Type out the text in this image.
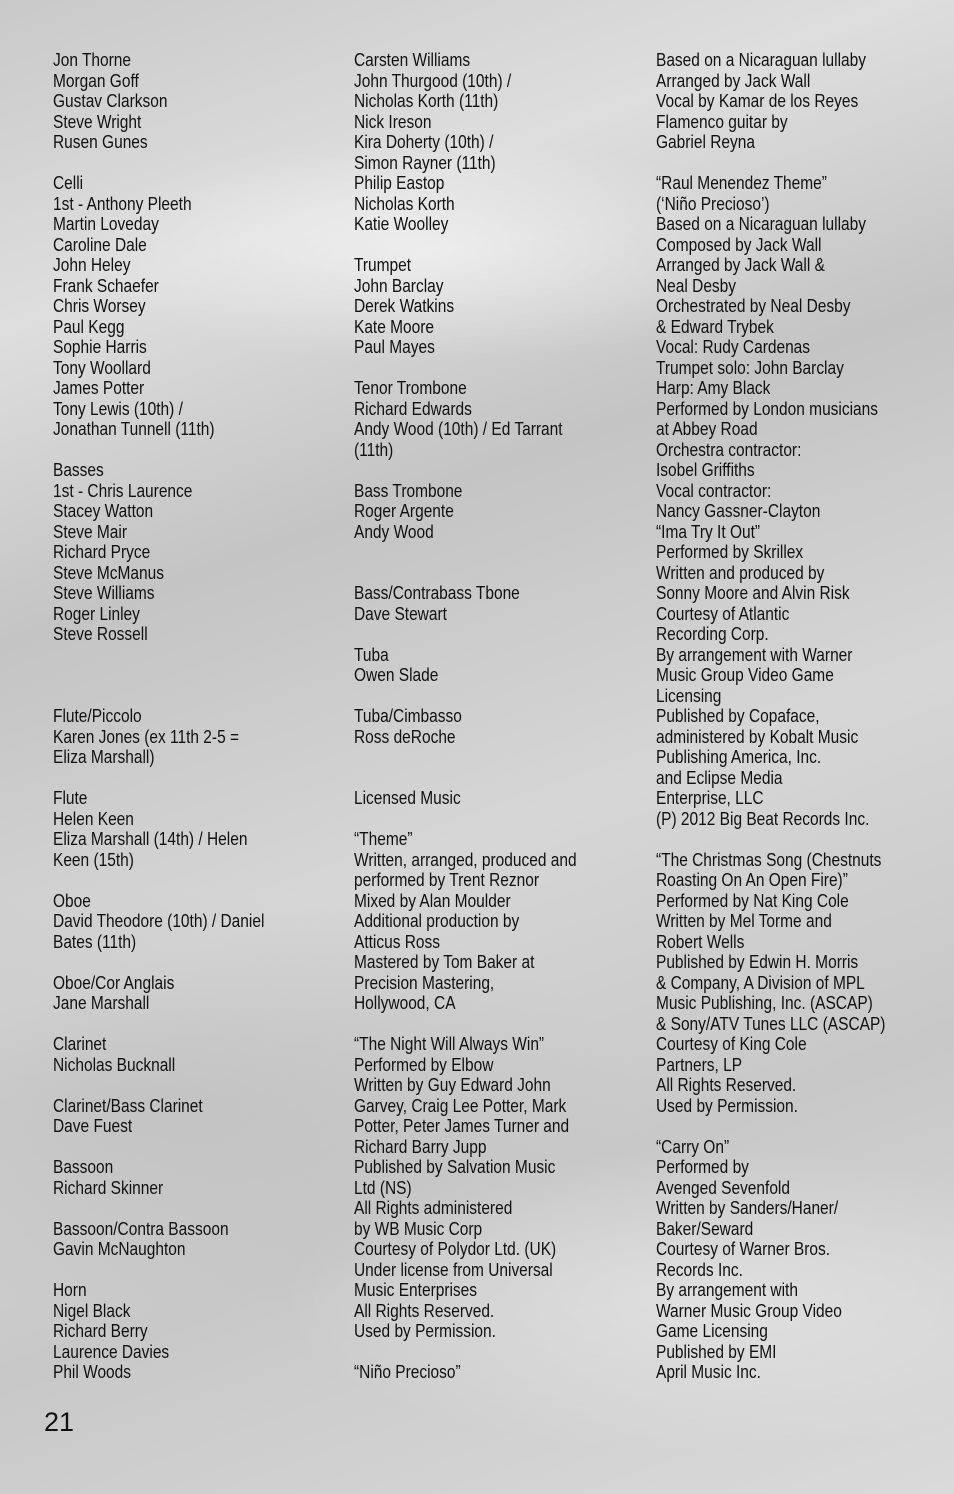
Jon Thorne
Morgan Goff
Gustav Clarkson
Steve Wright
Rusen Gunes
Celli
1st - Anthony Pleeth
Martin Loveday
Caroline Dale
John Heley
Frank Schaefer
Chris Worsey
Paul Kegg
Sophie Harris
Tony Woollard
James Potter
Tony Lewis (10th) /
Jonathan Tunnell (11th)
Basses
1st - Chris Laurence
Stacey Watton
Steve Mair
Richard Pryce
Steve McManus
Steve Williams
Roger Linley
Steve Rossell
Flute/Piccolo
Karen Jones (ex 11th 2-5 =
Eliza Marshall)
Flute
Helen Keen
Eliza Marshall (14th) / Helen
Keen (15th)
Oboe
David Theodore (10th) / Daniel
Bates (11th)
Oboe/Cor Anglais
Jane Marshall
Clarinet
Nicholas Bucknall
Clarinet/Bass Clarinet
Dave Fuest
Bassoon
Richard Skinner
Bassoon/Contra Bassoon
Gavin McNaughton
Horn
Nigel Black
Richard Berry
Laurence Davies
Phil Woods
Carsten Williams
John Thurgood (10th) /
Nicholas Korth (11th)
Nick Ireson
Kira Doherty (10th) /
Simon Rayner (11th)
Philip Eastop
Nicholas Korth
Katie Woolley
Trumpet
John Barclay
Derek Watkins
Kate Moore
Paul Mayes
Tenor Trombone
Richard Edwards
Andy Wood (10th) / Ed Tarrant
(11th)
Bass Trombone
Roger Argente
Andy Wood
Bass/Contrabass Tbone
Dave Stewart
Tuba
Owen Slade
Tuba/Cimbasso
Ross deRoche
Licensed Music
“Theme”
Written, arranged, produced and
performed by Trent Reznor
Mixed by Alan Moulder
Additional production by
Atticus Ross
Mastered by Tom Baker at
Precision Mastering,
Hollywood, CA
“The Night Will Always Win”
Performed by Elbow
Written by Guy Edward John
Garvey, Craig Lee Potter, Mark
Potter, Peter James Turner and
Richard Barry Jupp
Published by Salvation Music
Ltd (NS)
All Rights administered
by WB Music Corp
Courtesy of Polydor Ltd. (UK)
Under license from Universal
Music Enterprises
All Rights Reserved.
Used by Permission.
“Niño Precioso”
Based on a Nicaraguan lullaby
Arranged by Jack Wall
Vocal by Kamar de los Reyes
Flamenco guitar by
Gabriel Reyna
“Raul Menendez Theme”
(‘Niño Precioso’)
Based on a Nicaraguan lullaby
Composed by Jack Wall
Arranged by Jack Wall &
Neal Desby
Orchestrated by Neal Desby
& Edward Trybek
Vocal: Rudy Cardenas
Trumpet solo: John Barclay
Harp: Amy Black
Performed by London musicians
at Abbey Road
Orchestra contractor:
Isobel Griffiths
Vocal contractor:
Nancy Gassner-Clayton
“Ima Try It Out”
Performed by Skrillex
Written and produced by
Sonny Moore and Alvin Risk
Courtesy of Atlantic
Recording Corp.
By arrangement with Warner
Music Group Video Game
Licensing
Published by Copaface,
administered by Kobalt Music
Publishing America, Inc.
and Eclipse Media
Enterprise, LLC
(P) 2012 Big Beat Records Inc.
“The Christmas Song (Chestnuts
Roasting On An Open Fire)”
Performed by Nat King Cole
Written by Mel Torme and
Robert Wells
Published by Edwin H. Morris
& Company, A Division of MPL
Music Publishing, Inc. (ASCAP)
& Sony/ATV Tunes LLC (ASCAP)
Courtesy of King Cole
Partners, LP
All Rights Reserved.
Used by Permission.
“Carry On”
Performed by
Avenged Sevenfold
Written by Sanders/Haner/
Baker/Seward
Courtesy of Warner Bros.
Records Inc.
By arrangement with
Warner Music Group Video
Game Licensing
Published by EMI
April Music Inc.
21
